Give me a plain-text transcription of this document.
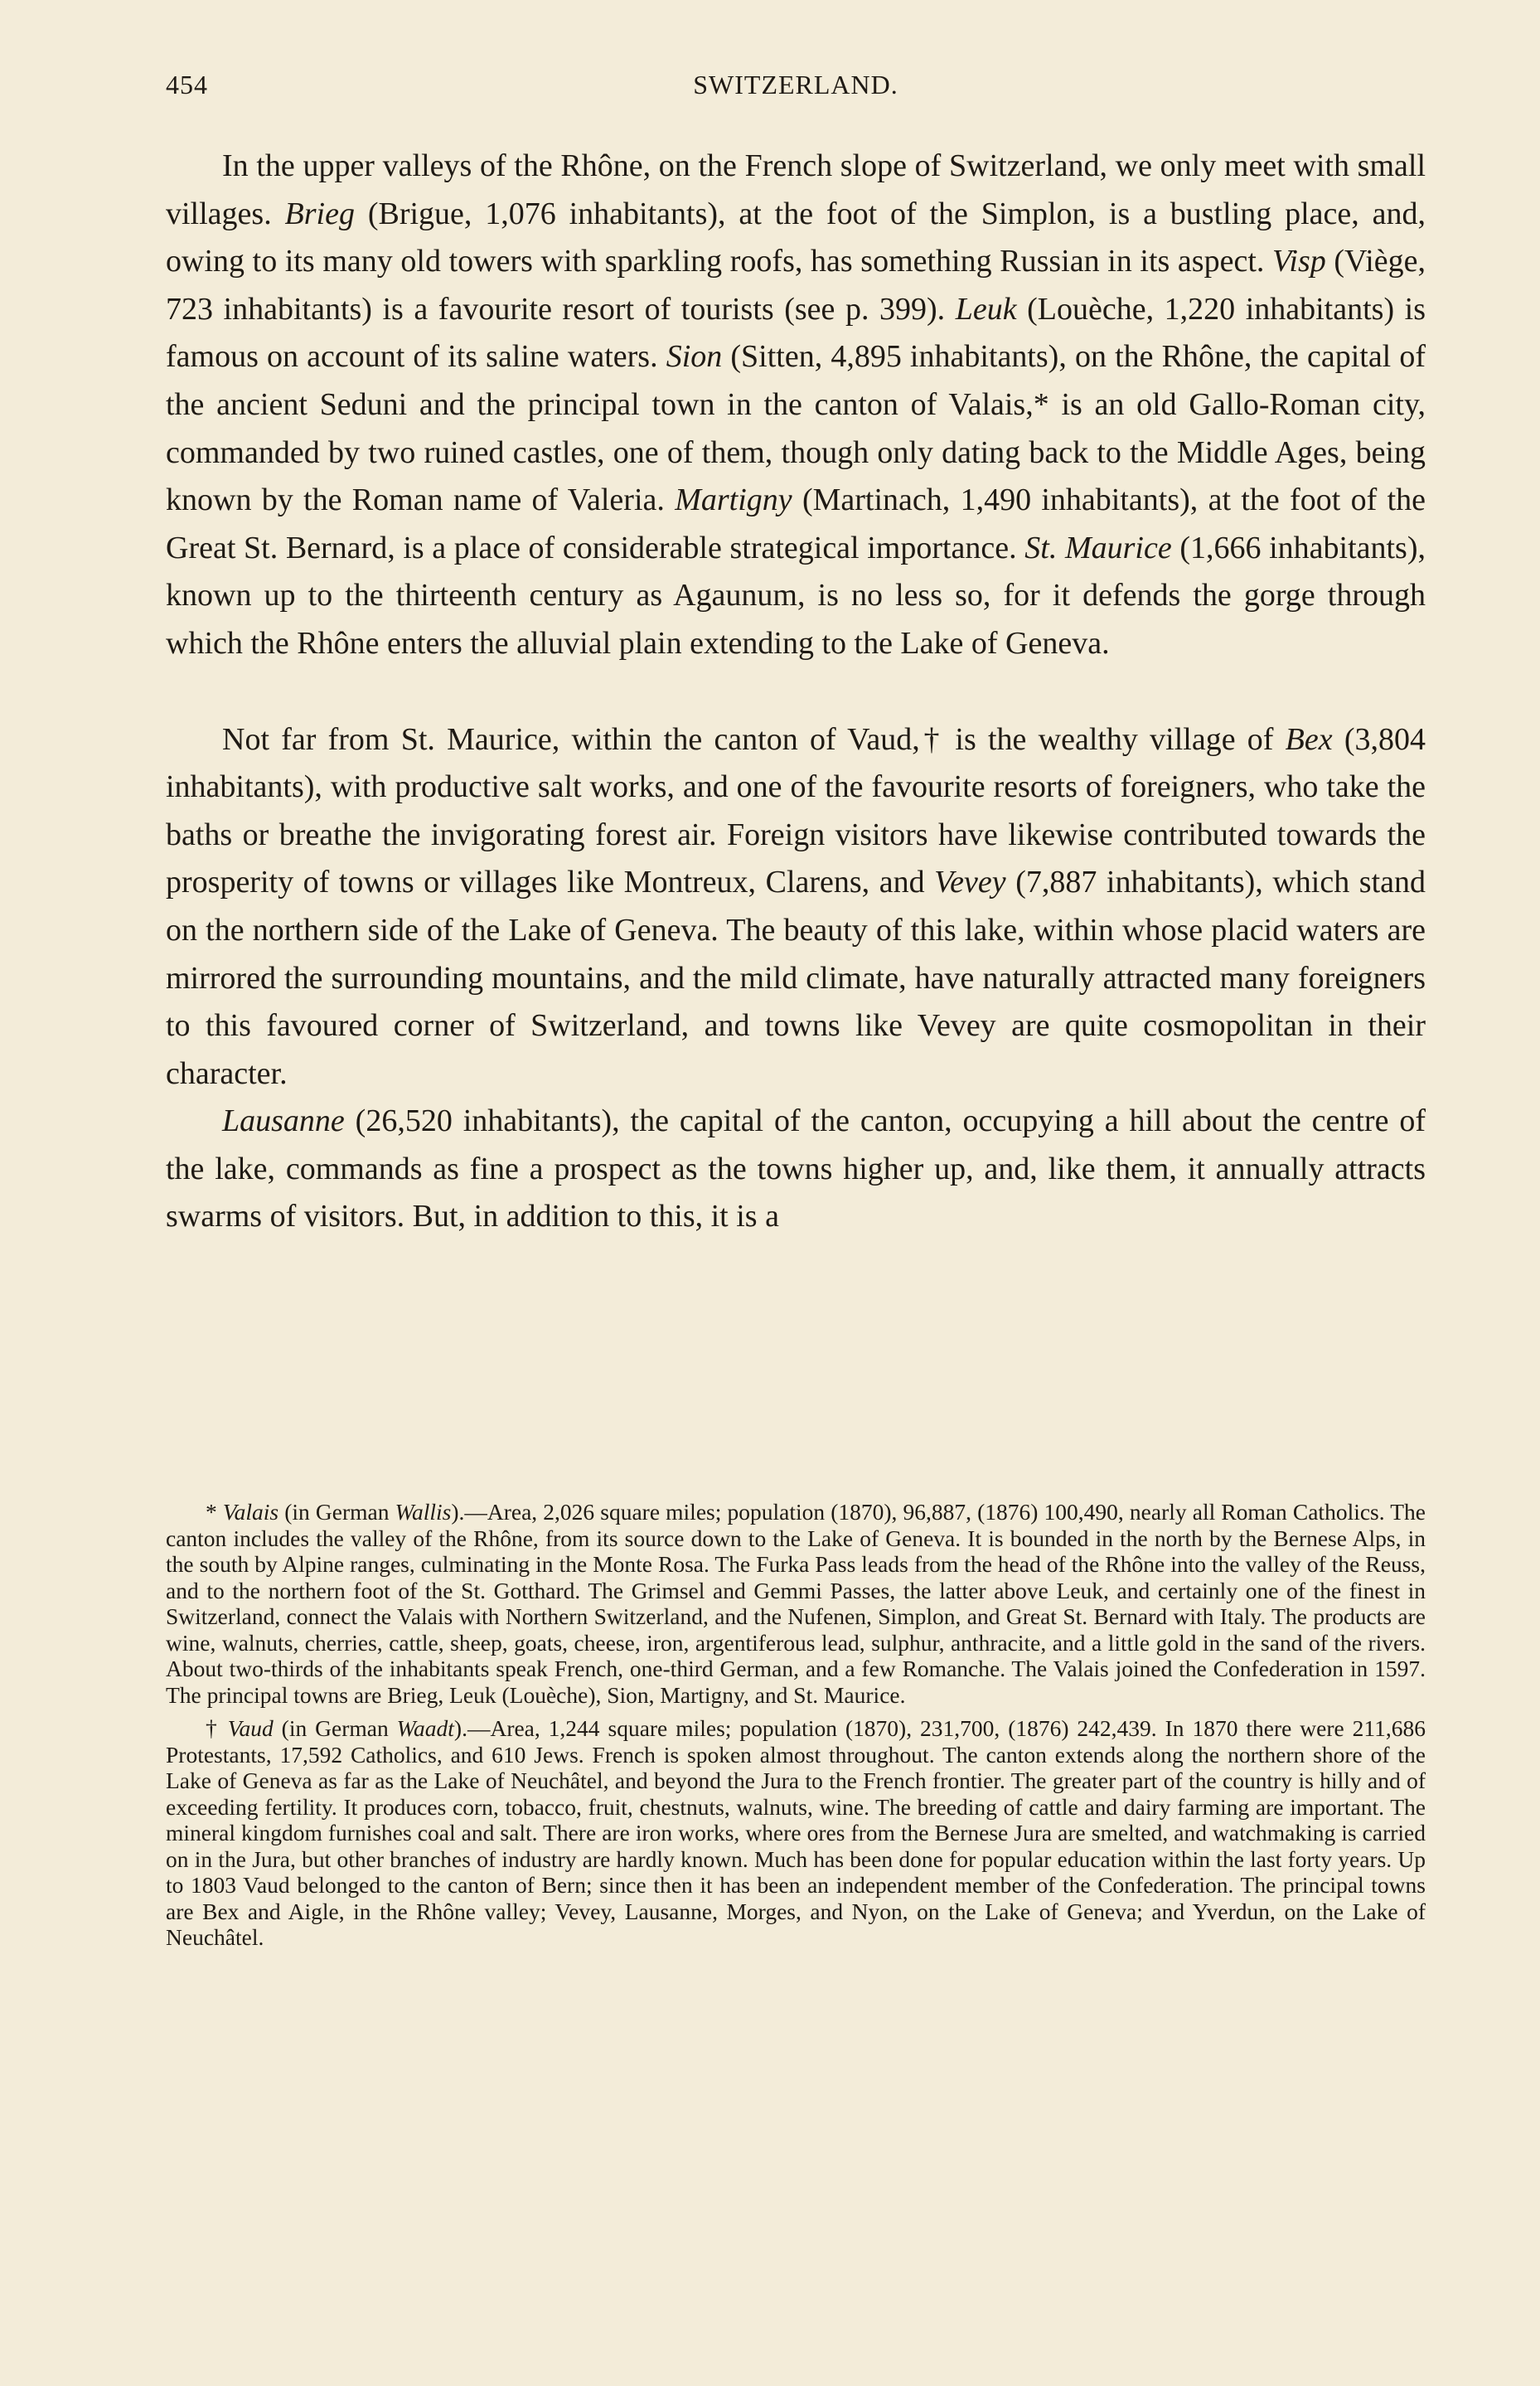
454	SWITZERLAND.

In the upper valleys of the Rhône, on the French slope of Switzerland, we only meet with small villages. Brieg (Brigue, 1,076 inhabitants), at the foot of the Simplon, is a bustling place, and, owing to its many old towers with sparkling roofs, has something Russian in its aspect. Visp (Viège, 723 inhabitants) is a favourite resort of tourists (see p. 399). Leuk (Louèche, 1,220 inhabitants) is famous on account of its saline waters. Sion (Sitten, 4,895 inhabitants), on the Rhône, the capital of the ancient Seduni and the principal town in the canton of Valais,* is an old Gallo-Roman city, commanded by two ruined castles, one of them, though only dating back to the Middle Ages, being known by the Roman name of Valeria. Martigny (Martinach, 1,490 inhabitants), at the foot of the Great St. Bernard, is a place of considerable strategical importance. St. Maurice (1,666 inhabitants), known up to the thirteenth century as Agaunum, is no less so, for it defends the gorge through which the Rhône enters the alluvial plain extending to the Lake of Geneva.

Not far from St. Maurice, within the canton of Vaud,† is the wealthy village of Bex (3,804 inhabitants), with productive salt works, and one of the favourite resorts of foreigners, who take the baths or breathe the invigorating forest air. Foreign visitors have likewise contributed towards the prosperity of towns or villages like Montreux, Clarens, and Vevey (7,887 inhabitants), which stand on the northern side of the Lake of Geneva. The beauty of this lake, within whose placid waters are mirrored the surrounding mountains, and the mild climate, have naturally attracted many foreigners to this favoured corner of Switzerland, and towns like Vevey are quite cosmopolitan in their character.

Lausanne (26,520 inhabitants), the capital of the canton, occupying a hill about the centre of the lake, commands as fine a prospect as the towns higher up, and, like them, it annually attracts swarms of visitors. But, in addition to this, it is a

* Valais (in German Wallis).—Area, 2,026 square miles; population (1870), 96,887, (1876) 100,490, nearly all Roman Catholics. The canton includes the valley of the Rhône, from its source down to the Lake of Geneva. It is bounded in the north by the Bernese Alps, in the south by Alpine ranges, culminating in the Monte Rosa. The Furka Pass leads from the head of the Rhône into the valley of the Reuss, and to the northern foot of the St. Gotthard. The Grimsel and Gemmi Passes, the latter above Leuk, and certainly one of the finest in Switzerland, connect the Valais with Northern Switzerland, and the Nufenen, Simplon, and Great St. Bernard with Italy. The products are wine, walnuts, cherries, cattle, sheep, goats, cheese, iron, argentiferous lead, sulphur, anthracite, and a little gold in the sand of the rivers. About two-thirds of the inhabitants speak French, one-third German, and a few Romanche. The Valais joined the Confederation in 1597. The principal towns are Brieg, Leuk (Louèche), Sion, Martigny, and St. Maurice.

† Vaud (in German Waadt).—Area, 1,244 square miles; population (1870), 231,700, (1876) 242,439. In 1870 there were 211,686 Protestants, 17,592 Catholics, and 610 Jews. French is spoken almost throughout. The canton extends along the northern shore of the Lake of Geneva as far as the Lake of Neuchâtel, and beyond the Jura to the French frontier. The greater part of the country is hilly and of exceeding fertility. It produces corn, tobacco, fruit, chestnuts, walnuts, wine. The breeding of cattle and dairy farming are important. The mineral kingdom furnishes coal and salt. There are iron works, where ores from the Bernese Jura are smelted, and watchmaking is carried on in the Jura, but other branches of industry are hardly known. Much has been done for popular education within the last forty years. Up to 1803 Vaud belonged to the canton of Bern; since then it has been an independent member of the Confederation. The principal towns are Bex and Aigle, in the Rhône valley; Vevey, Lausanne, Morges, and Nyon, on the Lake of Geneva; and Yverdun, on the Lake of Neuchâtel.
